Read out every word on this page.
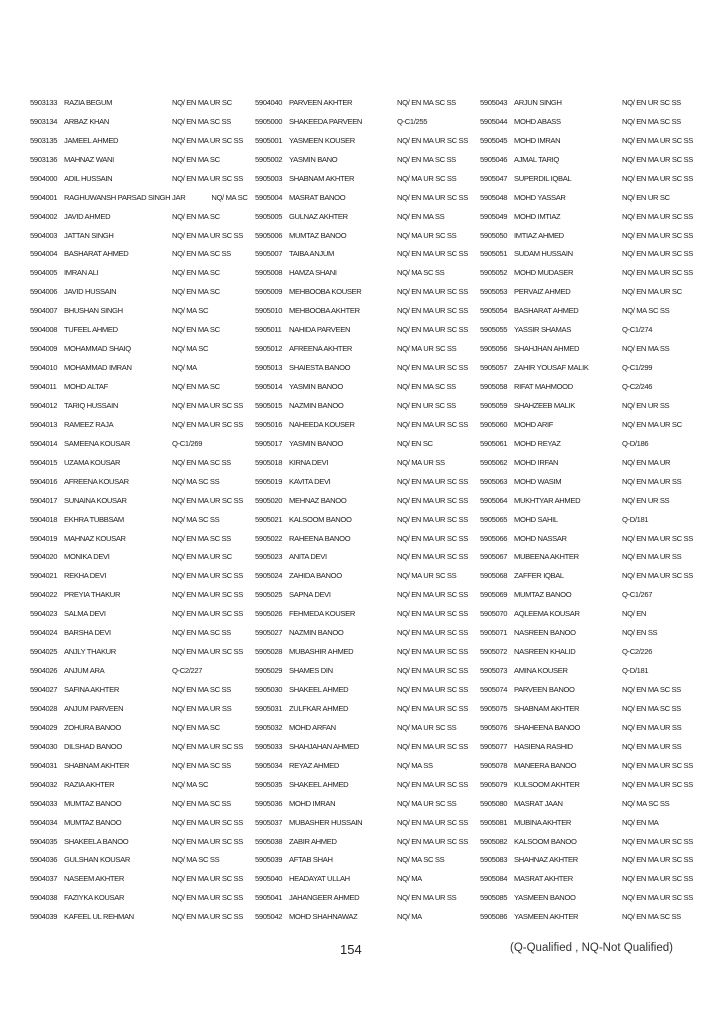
5903133 RAZIA BEGUM	NQ/ EN MA UR SC
5903134 ARBAZ KHAN	NQ/ EN MA SC SS
5903135 JAMEEL AHMED	NQ/ EN MA UR SC SS
5903136 MAHNAZ WANI	NQ/ EN MA SC
5904000 ADIL HUSSAIN	NQ/ EN MA UR SC SS
5904001 RAGHUWANSH PARSAD SINGH JAR	NQ/ MA SC
5904002 JAVID AHMED	NQ/ EN MA SC
5904003 JATTAN SINGH	NQ/ EN MA UR SC SS
5904004 BASHARAT AHMED	NQ/ EN MA SC SS
5904005 IMRAN ALI	NQ/ EN MA SC
5904006 JAVID HUSSAIN	NQ/ EN MA SC
5904007 BHUSHAN SINGH	NQ/ MA SC
5904008 TUFEEL AHMED	NQ/ EN MA SC
5904009 MOHAMMAD SHAIQ	NQ/ MA SC
5904010 MOHAMMAD IMRAN	NQ/ MA
5904011 MOHD ALTAF	NQ/ EN MA SC
5904012 TARIQ HUSSAIN	NQ/ EN MA UR SC SS
5904013 RAMEEZ RAJA	NQ/ EN MA UR SC SS
5904014 SAMEENA KOUSAR	Q-C1/269
5904015 UZAMA KOUSAR	NQ/ EN MA SC SS
5904016 AFREENA KOUSAR	NQ/ MA SC SS
5904017 SUNAINA KOUSAR	NQ/ EN MA UR SC SS
5904018 EKHRA TUBBSAM	NQ/ MA SC SS
5904019 MAHNAZ KOUSAR	NQ/ EN MA SC SS
5904020 MONIKA DEVI	NQ/ EN MA UR SC
5904021 REKHA DEVI	NQ/ EN MA UR SC SS
5904022 PREYIA THAKUR	NQ/ EN MA UR SC SS
5904023 SALMA DEVI	NQ/ EN MA UR SC SS
5904024 BARSHA DEVI	NQ/ EN MA SC SS
5904025 ANJLY THAKUR	NQ/ EN MA UR SC SS
5904026 ANJUM ARA	Q-C2/227
5904027 SAFINA AKHTER	NQ/ EN MA SC SS
5904028 ANJUM PARVEEN	NQ/ EN MA UR SS
5904029 ZOHURA BANOO	NQ/ EN MA SC
5904030 DILSHAD BANOO	NQ/ EN MA UR SC SS
5904031 SHABNAM AKHTER	NQ/ EN MA SC SS
5904032 RAZIA AKHTER	NQ/ MA SC
5904033 MUMTAZ BANOO	NQ/ EN MA SC SS
5904034 MUMTAZ BANOO	NQ/ EN MA UR SC SS
5904035 SHAKEELA BANOO	NQ/ EN MA UR SC SS
5904036 GULSHAN KOUSAR	NQ/ MA SC SS
5904037 NASEEM AKHTER	NQ/ EN MA UR SC SS
5904038 FAZIYKA KOUSAR	NQ/ EN MA UR SC SS
5904039 KAFEEL UL REHMAN	NQ/ EN MA UR SC SS
5904040 PARVEEN AKHTER	NQ/ EN MA SC SS
5905000 SHAKEEDA PARVEEN	Q-C1/255
5905001 YASMEEN KOUSER	NQ/ EN MA UR SC SS
5905002 YASMIN BANO	NQ/ EN MA SC SS
5905003 SHABNAM AKHTER	NQ/ MA UR SC SS
5905004 MASRAT BANOO	NQ/ EN MA UR SC SS
5905005 GULNAZ AKHTER	NQ/ EN MA SS
5905006 MUMTAZ BANOO	NQ/ MA UR SC SS
5905007 TAIBA ANJUM	NQ/ EN MA UR SC SS
5905008 HAMZA SHANI	NQ/ MA SC SS
5905009 MEHBOOBA KOUSER	NQ/ EN MA UR SC SS
5905010 MEHBOOBA AKHTER	NQ/ EN MA UR SC SS
5905011 NAHIDA PARVEEN	NQ/ EN MA UR SC SS
5905012 AFREENA AKHTER	NQ/ MA UR SC SS
5905013 SHAIESTA BANOO	NQ/ EN MA UR SC SS
5905014 YASMIN BANOO	NQ/ EN MA SC SS
5905015 NAZMIN BANOO	NQ/ EN UR SC SS
5905016 NAHEEDA KOUSER	NQ/ EN MA UR SC SS
5905017 YASMIN BANOO	NQ/ EN SC
5905018 KIRNA DEVI	NQ/ MA UR SS
5905019 KAVITA DEVI	NQ/ EN MA UR SC SS
5905020 MEHNAZ BANOO	NQ/ EN MA UR SC SS
5905021 KALSOOM BANOO	NQ/ EN MA UR SC SS
5905022 RAHEENA BANOO	NQ/ EN MA UR SC SS
5905023 ANITA DEVI	NQ/ EN MA UR SC SS
5905024 ZAHIDA BANOO	NQ/ MA UR SC SS
5905025 SAPNA DEVI	NQ/ EN MA UR SC SS
5905026 FEHMEDA KOUSER	NQ/ EN MA UR SC SS
5905027 NAZMIN BANOO	NQ/ EN MA UR SC SS
5905028 MUBASHIR AHMED	NQ/ EN MA UR SC SS
5905029 SHAMES DIN	NQ/ EN MA UR SC SS
5905030 SHAKEEL AHMED	NQ/ EN MA UR SC SS
5905031 ZULFKAR AHMED	NQ/ EN MA UR SC SS
5905032 MOHD ARFAN	NQ/ MA UR SC SS
5905033 SHAHJAHAN AHMED	NQ/ EN MA UR SC SS
5905034 REYAZ AHMED	NQ/ MA SS
5905035 SHAKEEL AHMED	NQ/ EN MA UR SC SS
5905036 MOHD IMRAN	NQ/ MA UR SC SS
5905037 MUBASHER HUSSAIN	NQ/ EN MA UR SC SS
5905038 ZABIR AHMED	NQ/ EN MA UR SC SS
5905039 AFTAB SHAH	NQ/ MA SC SS
5905040 HEADAYAT ULLAH	NQ/ MA
5905041 JAHANGEER AHMED	NQ/ EN MA UR SS
5905042 MOHD SHAHNAWAZ	NQ/ MA
5905043 ARJUN SINGH	NQ/ EN UR SC SS
5905044 MOHD ABASS	NQ/ EN MA SC SS
5905045 MOHD IMRAN	NQ/ EN MA UR SC SS
5905046 AJMAL TARIQ	NQ/ EN MA UR SC SS
5905047 SUPERDIL IQBAL	NQ/ EN MA UR SC SS
5905048 MOHD YASSAR	NQ/ EN UR SC
5905049 MOHD IMTIAZ	NQ/ EN MA UR SC SS
5905050 IMTIAZ AHMED	NQ/ EN MA UR SC SS
5905051 SUDAM HUSSAIN	NQ/ EN MA UR SC SS
5905052 MOHD MUDASER	NQ/ EN MA UR SC SS
5905053 PERVAIZ AHMED	NQ/ EN MA UR SC
5905054 BASHARAT AHMED	NQ/ MA SC SS
5905055 YASSIR SHAMAS	Q-C1/274
5905056 SHAHJHAN AHMED	NQ/ EN MA SS
5905057 ZAHIR YOUSAF MALIK	Q-C1/299
5905058 RIFAT MAHMOOD	Q-C2/246
5905059 SHAHZEEB MALIK	NQ/ EN UR SS
5905060 MOHD ARIF	NQ/ EN MA UR SC
5905061 MOHD REYAZ	Q-D/186
5905062 MOHD IRFAN	NQ/ EN MA UR
5905063 MOHD WASIM	NQ/ EN MA UR SS
5905064 MUKHTYAR AHMED	NQ/ EN UR SS
5905065 MOHD SAHIL	Q-D/181
5905066 MOHD NASSAR	NQ/ EN MA UR SC SS
5905067 MUBEENA AKHTER	NQ/ EN MA UR SS
5905068 ZAFFER IQBAL	NQ/ EN MA UR SC SS
5905069 MUMTAZ BANOO	Q-C1/267
5905070 AQLEEMA KOUSAR	NQ/ EN
5905071 NASREEN BANOO	NQ/ EN SS
5905072 NASREEN KHALID	Q-C2/226
5905073 AMINA KOUSER	Q-D/181
5905074 PARVEEN BANOO	NQ/ EN MA SC SS
5905075 SHABNAM AKHTER	NQ/ EN MA SC SS
5905076 SHAHEENA BANOO	NQ/ EN MA UR SS
5905077 HASIENA RASHID	NQ/ EN MA UR SS
5905078 MANEERA BANOO	NQ/ EN MA UR SC SS
5905079 KULSOOM AKHTER	NQ/ EN MA UR SC SS
5905080 MASRAT JAAN	NQ/ MA SC SS
5905081 MUBINA AKHTER	NQ/ EN MA
5905082 KALSOOM BANOO	NQ/ EN MA UR SC SS
5905083 SHAHNAZ AKHTER	NQ/ EN MA UR SC SS
5905084 MASRAT AKHTER	NQ/ EN MA UR SC SS
5905085 YASMEEN BANOO	NQ/ EN MA UR SC SS
5905086 YASMEEN AKHTER	NQ/ EN MA SC SS
154	(Q-Qualified , NQ-Not Qualified)
